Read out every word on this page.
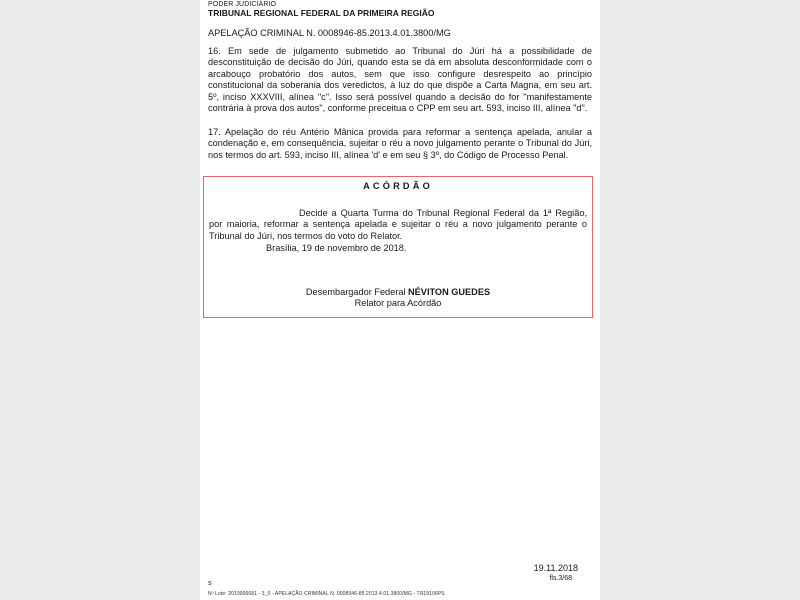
PODER JUDICIÁRIO
TRIBUNAL REGIONAL FEDERAL DA PRIMEIRA REGIÃO
APELAÇÃO CRIMINAL N. 0008946-85.2013.4.01.3800/MG

16. Em sede de julgamento submetido ao Tribunal do Júri há a possibilidade de desconstituição de decisão do Júri, quando esta se dá em absoluta desconformidade com o arcabouço probatório dos autos, sem que isso configure desrespeito ao princípio constitucional da soberania dos veredictos, à luz do que dispõe a Carta Magna, em seu art. 5º, inciso XXXVIII, alínea "c". Isso será possível quando a decisão do for "manifestamente contrária à prova dos autos", conforme preceitua o CPP em seu art. 593, inciso III, alínea "d".

17. Apelação do réu Antério Mânica provida para reformar a sentença apelada, anular a condenação e, em consequência, sujeitar o réu a novo julgamento perante o Tribunal do Júri, nos termos do art. 593, inciso III, alínea 'd' e em seu § 3º, do Código de Processo Penal.

ACÓRDÃO

Decide a Quarta Turma do Tribunal Regional Federal da 1ª Região, por maioria, reformar a sentença apelada e sujeitar o réu a novo julgamento perante o Tribunal do Júri, nos termos do voto do Relator.

Brasília, 19 de novembro de 2018.
Desembargador Federal NÉVITON GUEDES
Relator para Acórdão
19.11.2018
fls.3/68
s
Nº Lote: 2019006681 - 3_0 - APELAÇÃO CRIMINAL N. 0008946-85.2013.4.01.3800/MG - TR19106PS
